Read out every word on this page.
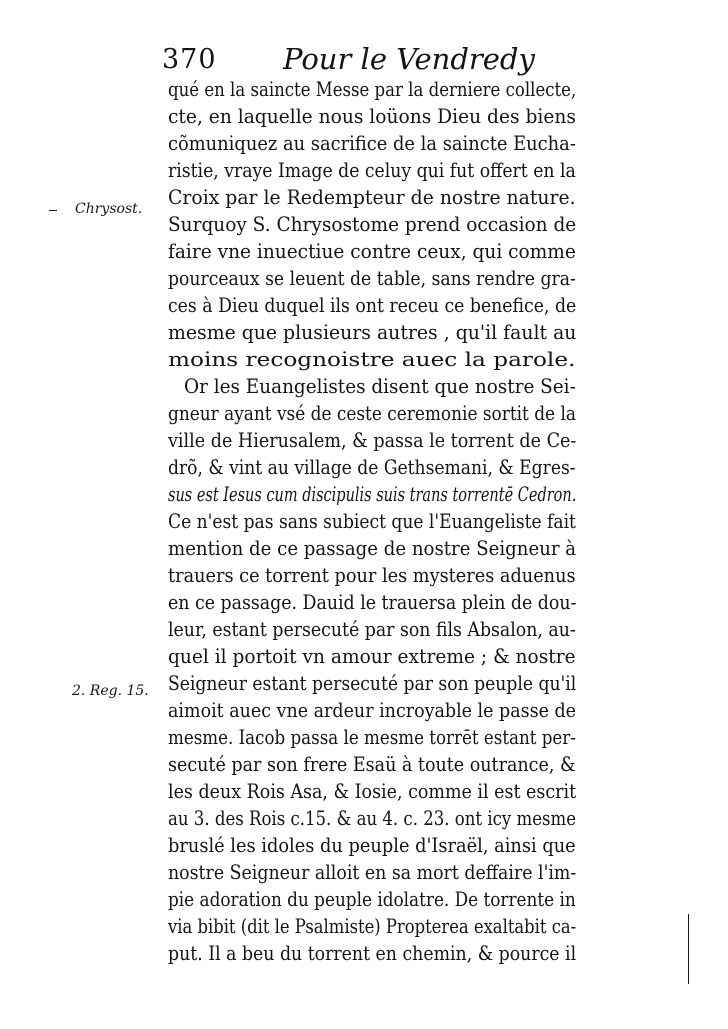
370 Pour le Vendredy
Chrysost.
2. Reg. 15.
qué en la saincte Messe par la derniere collecte,
cte, en laquelle nous loüons Dieu des biens
cõmuniquez au sacrifice de la saincte Eucha-
ristie, vraye Image de celuy qui fut offert en la
Croix par le Redempteur de nostre nature.
Surquoy S. Chrysostome prend occasion de
faire vne inuectiue contre ceux, qui comme
pourceaux se leuent de table, sans rendre gra-
ces à Dieu duquel ils ont receu ce benefice, de
mesme que plusieurs autres , qu'il fault au
moins recognoistre auec la parole.
Or les Euangelistes disent que nostre Sei-
gneur ayant vsé de ceste ceremonie sortit de la
ville de Hierusalem, & passa le torrent de Ce-
drõ, & vint au village de Gethsemani, & Egres-
sus est Iesus cum discipulis suis trans torrentē Cedron.
Ce n'est pas sans subiect que l'Euangeliste fait
mention de ce passage de nostre Seigneur à
trauers ce torrent pour les mysteres aduenus
en ce passage. Dauid le trauersa plein de dou-
leur, estant persecuté par son fils Absalon, au-
quel il portoit vn amour extreme ; & nostre
Seigneur estant persecuté par son peuple qu'il
aimoit auec vne ardeur incroyable le passe de
mesme. Iacob passa le mesme torrēt estant per-
secuté par son frere Esaü à toute outrance, &
les deux Rois Asa, & Iosie, comme il est escrit
au 3. des Rois c.15. & au 4. c. 23. ont icy mesme
bruslé les idoles du peuple d'Israël, ainsi que
nostre Seigneur alloit en sa mort deffaire l'im-
pie adoration du peuple idolatre. De torrente in
via bibit (dit le Psalmiste) Propterea exaltabit ca-
put. Il a beu du torrent en chemin, & pource il
